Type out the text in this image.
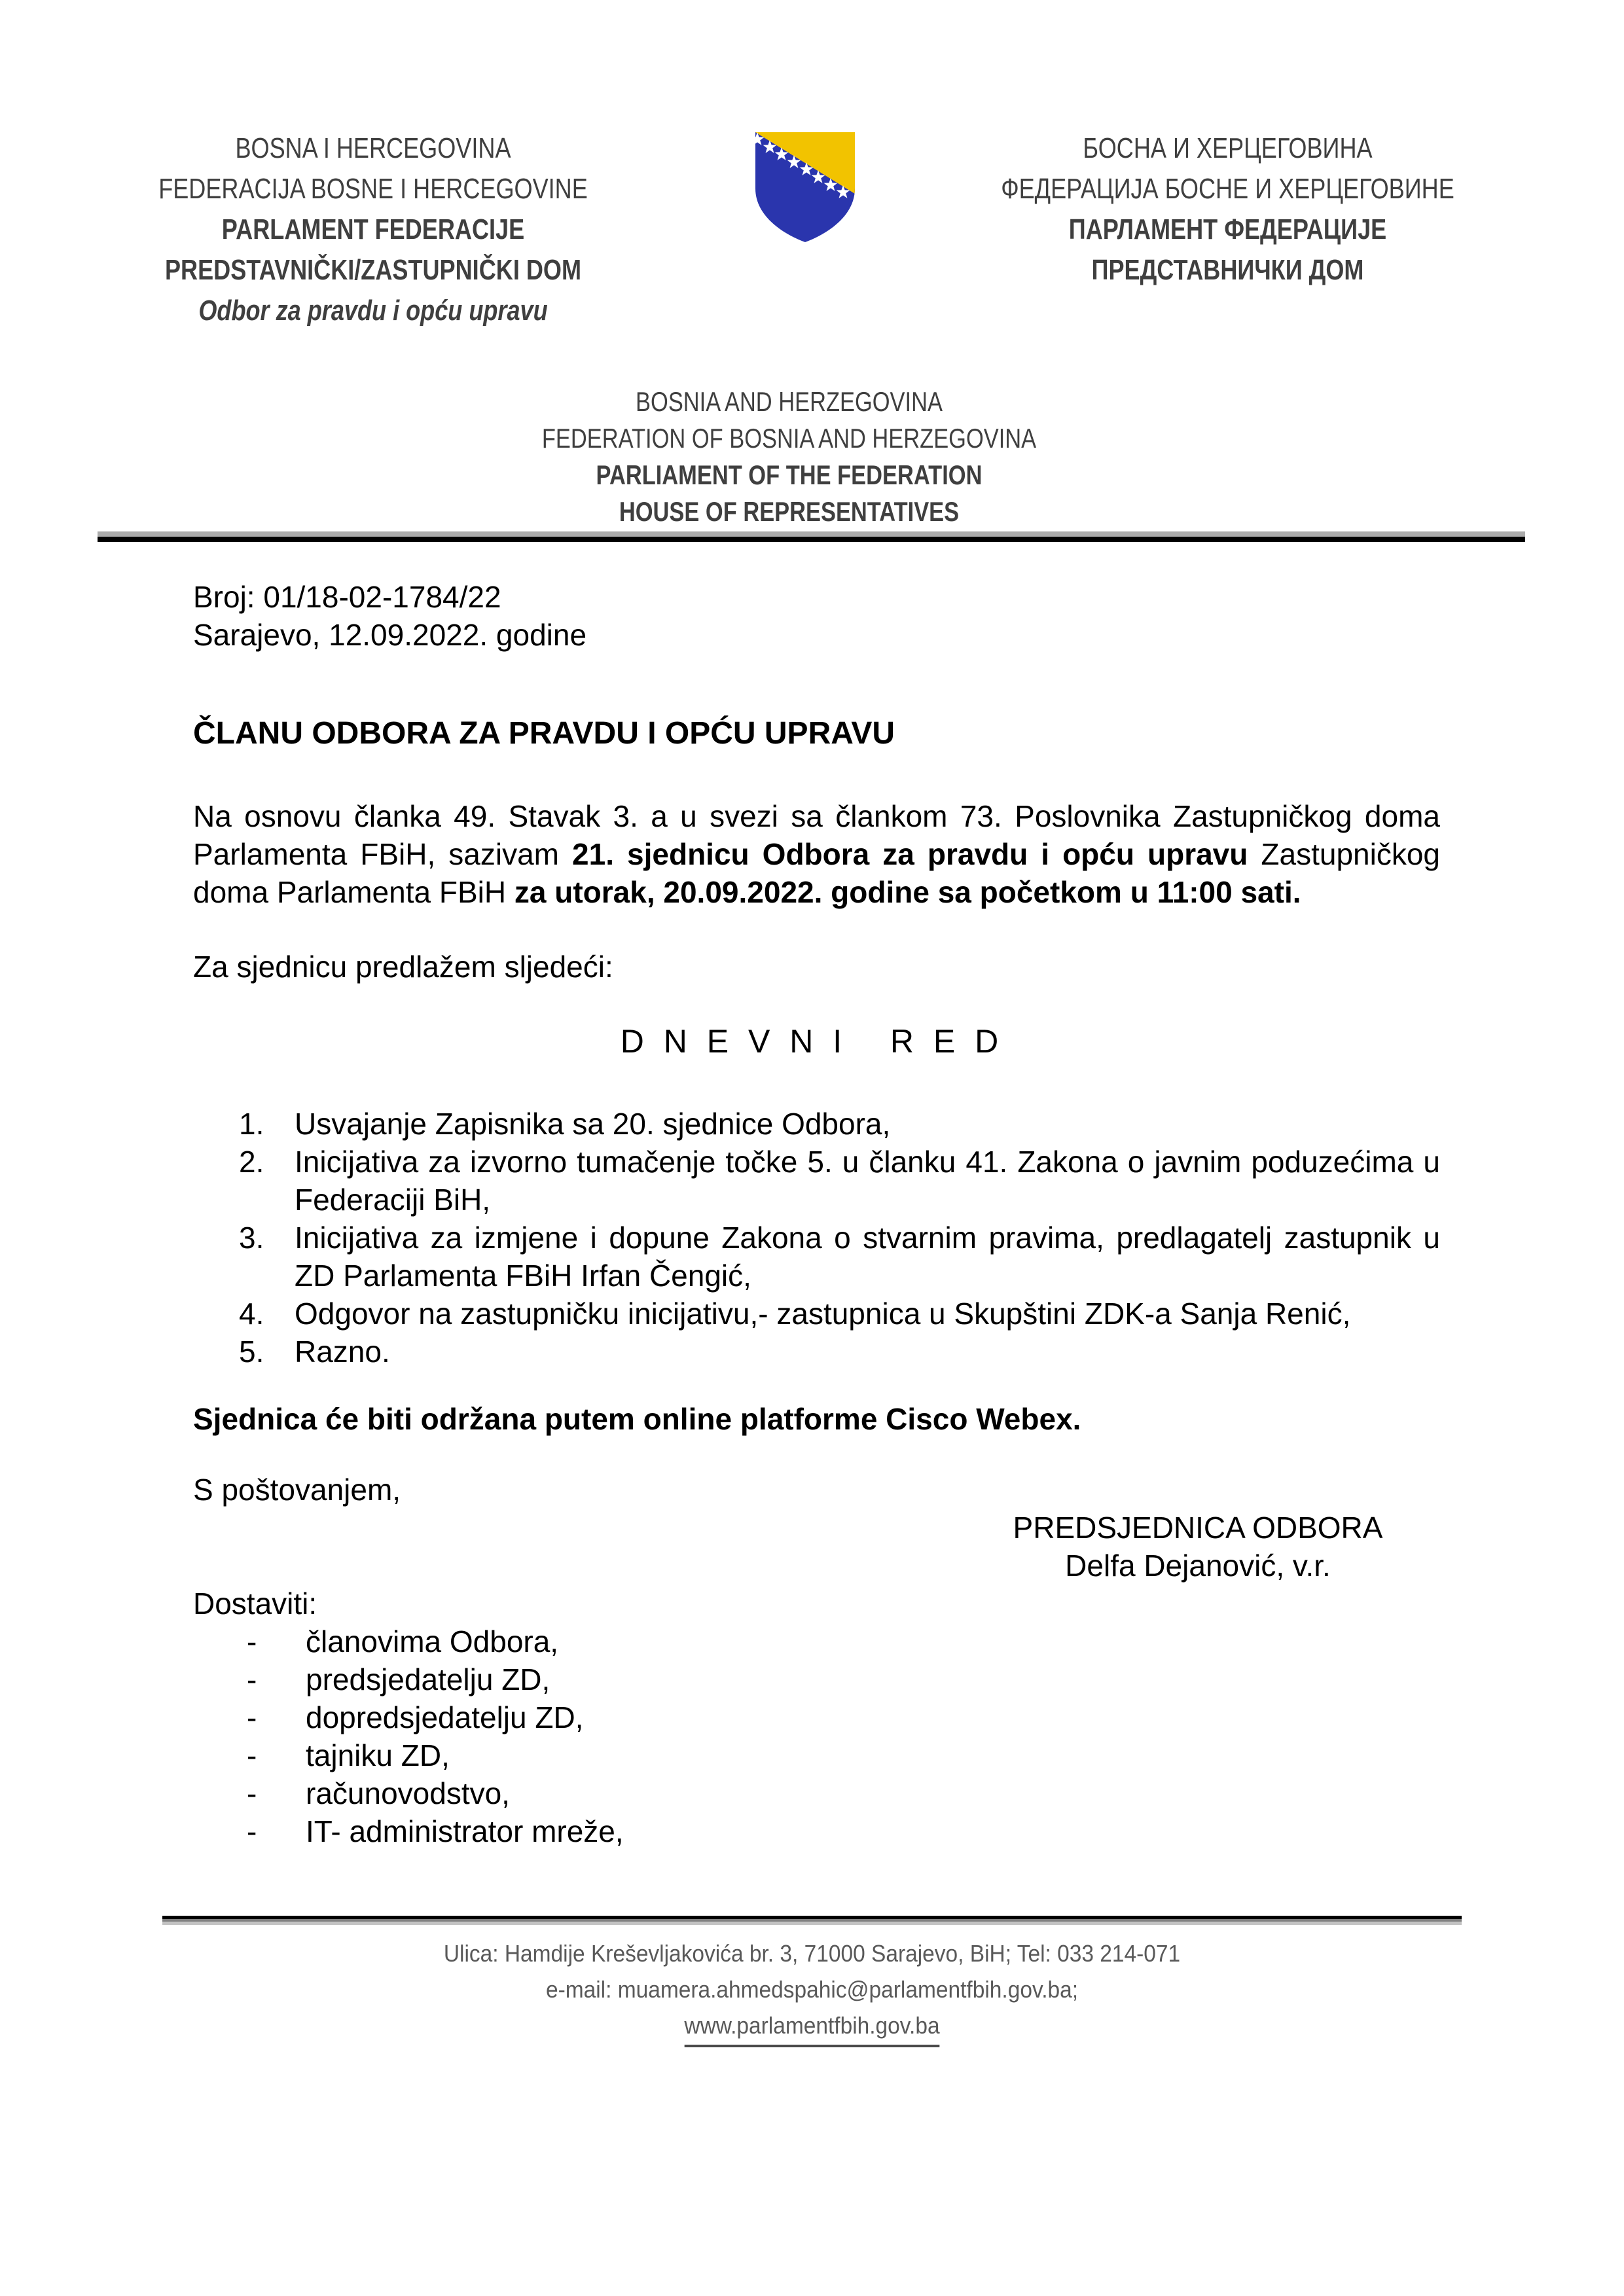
BOSNA I HERCEGOVINA
FEDERACIJA BOSNE I HERCEGOVINE
PARLAMENT FEDERACIJE
PREDSTAVNIČKI/ZASTUPNIČKI DOM
Odbor za pravdu i opću upravu
БОСНА И ХЕРЦЕГОВИНА
ФЕДЕРАЦИЈА БОСНЕ И ХЕРЦЕГОВИНЕ
ПАРЛАМЕНТ ФЕДЕРАЦИЈЕ
ПРЕДСТАВНИЧКИ ДОМ
BOSNIA AND HERZEGOVINA
FEDERATION OF BOSNIA AND HERZEGOVINA
PARLIAMENT OF THE FEDERATION
HOUSE OF REPRESENTATIVES
Broj: 01/18-02-1784/22
Sarajevo, 12.09.2022. godine
ČLANU ODBORA ZA PRAVDU I OPĆU UPRAVU

Na osnovu članka 49. Stavak 3. a u svezi sa člankom 73. Poslovnika Zastupničkog doma Parlamenta FBiH, sazivam 21. sjednicu Odbora za pravdu i opću upravu Zastupničkog doma Parlamenta FBiH za utorak, 20.09.2022. godine sa početkom u 11:00 sati.

Za sjednicu predlažem sljedeći:
D N E V N I   R E D
1.	Usvajanje Zapisnika sa 20. sjednice Odbora,
2.	Inicijativa za izvorno tumačenje točke 5. u članku 41. Zakona o javnim poduzećima u Federaciji BiH,
3.	Inicijativa za izmjene i dopune Zakona o stvarnim pravima, predlagatelj zastupnik u ZD Parlamenta FBiH Irfan Čengić,
4.	Odgovor na zastupničku inicijativu,- zastupnica u Skupštini ZDK-a Sanja Renić,
5.	Razno.
Sjednica će biti održana putem online platforme Cisco Webex.
S poštovanjem,
PREDSJEDNICA ODBORA
Delfa Dejanović, v.r.
Dostaviti:
-	članovima Odbora,
-	predsjedatelju ZD,
-	dopredsjedatelju ZD,
-	tajniku ZD,
-	računovodstvo,
-	IT- administrator mreže,
Ulica: Hamdije Kreševljakovića br. 3, 71000 Sarajevo, BiH; Tel: 033 214-071
e-mail: muamera.ahmedspahic@parlamentfbih.gov.ba;
www.parlamentfbih.gov.ba
